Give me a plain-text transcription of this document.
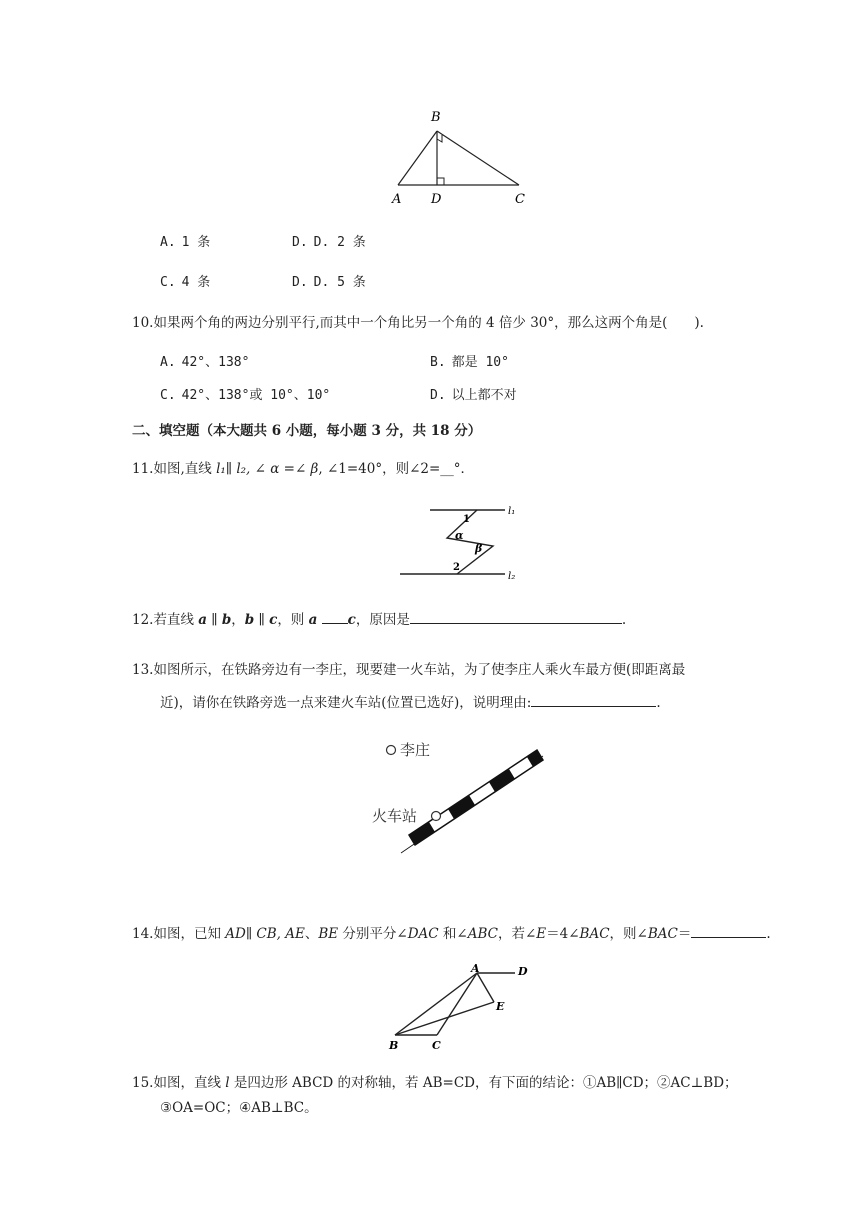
B
A D	C
A. 1 条	D. D. 2 条
C. 4 条	D. D. 5 条
10.如果两个角的两边分别平行,而其中一个角比另一个角的 4 倍少 30°，那么这两个角是(　　).
A. 42°、138°	B. 都是 10°
C. 42°、138°或 10°、10°	D. 以上都不对
二、填空题（本大题共 6 小题，每小题 3 分，共 18 分）
11.如图,直线 l₁∥ l₂, ∠ α =∠ β, ∠1=40°，则∠2=__°．
l₁
l₂
1
α
β
2
12.若直线 a ∥ b，b ∥ c，则 a c，原因是	.
13.如图所示，在铁路旁边有一李庄，现要建一火车站，为了使李庄人乘火车最方便(即距离最
近)，请你在铁路旁选一点来建火车站(位置已选好)，说明理由:	.
李庄
火车站
14.如图，已知 AD∥ CB, AE、BE 分别平分∠DAC 和∠ABC，若∠E＝4∠BAC，则∠BAC＝	.
A	D
E
B	C
15.如图，直线 l 是四边形 ABCD 的对称轴，若 AB=CD，有下面的结论：①AB∥CD；②AC⊥BD；
③OA=OC；④AB⊥BC。
